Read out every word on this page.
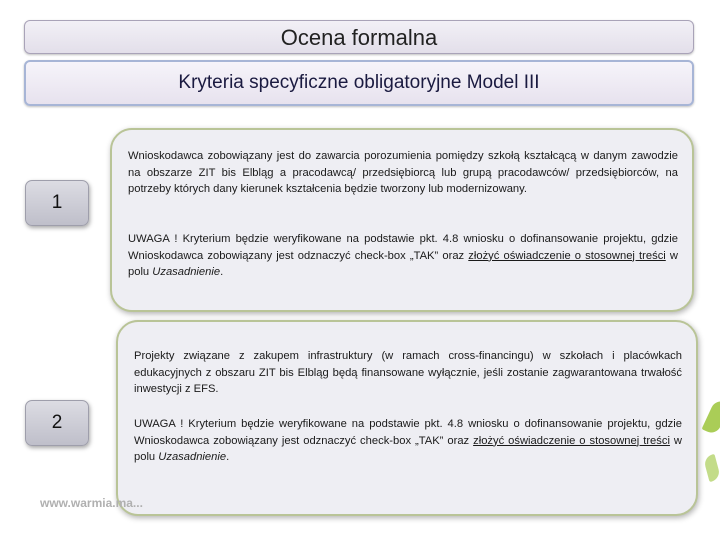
Ocena formalna
Kryteria specyficzne obligatoryjne Model III
1
Wnioskodawca zobowiązany jest do zawarcia porozumienia pomiędzy szkołą kształcącą w danym zawodzie na obszarze ZIT bis Elbląg a pracodawcą/ przedsiębiorcą lub grupą pracodawców/ przedsiębiorców, na potrzeby których dany kierunek kształcenia będzie tworzony lub modernizowany.
UWAGA ! Kryterium będzie weryfikowane na podstawie pkt. 4.8 wniosku o dofinansowanie projektu, gdzie Wnioskodawca zobowiązany jest odznaczyć check-box „TAK” oraz złożyć oświadczenie o stosownej treści w polu Uzasadnienie.
Projekty związane z zakupem infrastruktury (w ramach cross-financingu) w szkołach i placówkach edukacyjnych z obszaru ZIT bis Elbląg będą finansowane wyłącznie, jeśli zostanie zagwarantowana trwałość inwestycji z EFS.
UWAGA ! Kryterium będzie weryfikowane na podstawie pkt. 4.8 wniosku o dofinansowanie projektu, gdzie Wnioskodawca zobowiązany jest odznaczyć check-box „TAK” oraz złożyć oświadczenie o stosownej treści w polu Uzasadnienie.
2
www.warmia.ma...
